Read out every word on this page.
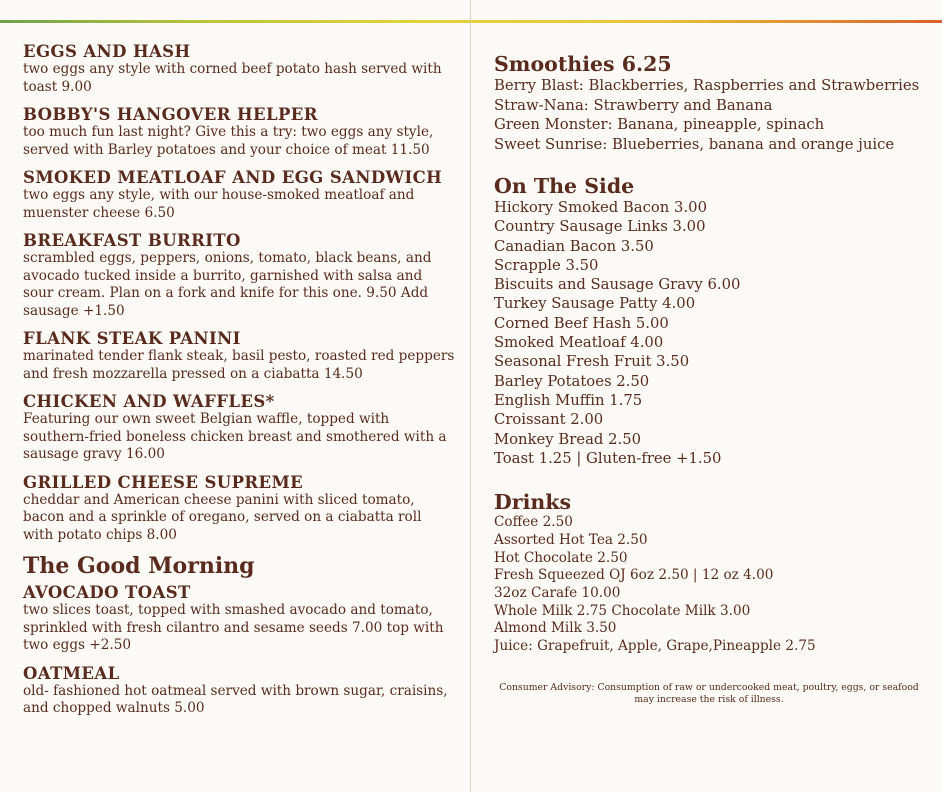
EGGS AND HASH
two eggs any style with corned beef potato hash served with toast 9.00
BOBBY'S HANGOVER HELPER
too much fun last night? Give this a try: two eggs any style, served with Barley potatoes and your choice of meat 11.50
SMOKED MEATLOAF AND EGG SANDWICH
two eggs any style, with our house-smoked meatloaf and muenster cheese 6.50
BREAKFAST BURRITO
scrambled eggs, peppers, onions, tomato, black beans, and avocado tucked inside a burrito, garnished with salsa and sour cream. Plan on a fork and knife for this one. 9.50 Add sausage +1.50
FLANK STEAK PANINI
marinated tender flank steak, basil pesto, roasted red peppers and fresh mozzarella pressed on a ciabatta 14.50
CHICKEN AND WAFFLES*
Featuring our own sweet Belgian waffle, topped with southern-fried boneless chicken breast and smothered with a sausage gravy 16.00
GRILLED CHEESE SUPREME
cheddar and American cheese panini with sliced tomato, bacon and a sprinkle of oregano, served on a ciabatta roll with potato chips 8.00
The Good Morning
AVOCADO TOAST
two slices toast, topped with smashed avocado and tomato, sprinkled with fresh cilantro and sesame seeds 7.00 top with two eggs +2.50
OATMEAL
old- fashioned hot oatmeal served with brown sugar, craisins, and chopped walnuts 5.00
Smoothies 6.25
Berry Blast: Blackberries, Raspberries and Strawberries
Straw-Nana: Strawberry and Banana
Green Monster: Banana, pineapple, spinach
Sweet Sunrise: Blueberries, banana and orange juice
On The Side
Hickory Smoked Bacon 3.00
Country Sausage Links 3.00
Canadian Bacon 3.50
Scrapple 3.50
Biscuits and Sausage Gravy 6.00
Turkey Sausage Patty 4.00
Corned Beef Hash 5.00
Smoked Meatloaf 4.00
Seasonal Fresh Fruit 3.50
Barley Potatoes 2.50
English Muffin 1.75
Croissant 2.00
Monkey Bread 2.50
Toast 1.25 | Gluten-free +1.50
Drinks
Coffee 2.50
Assorted Hot Tea 2.50
Hot Chocolate 2.50
Fresh Squeezed OJ 6oz 2.50 | 12 oz 4.00
32oz Carafe 10.00
Whole Milk 2.75 Chocolate Milk 3.00
Almond Milk 3.50
Juice: Grapefruit, Apple, Grape,Pineapple 2.75
Consumer Advisory: Consumption of raw or undercooked meat, poultry, eggs, or seafood may increase the risk of illness.
